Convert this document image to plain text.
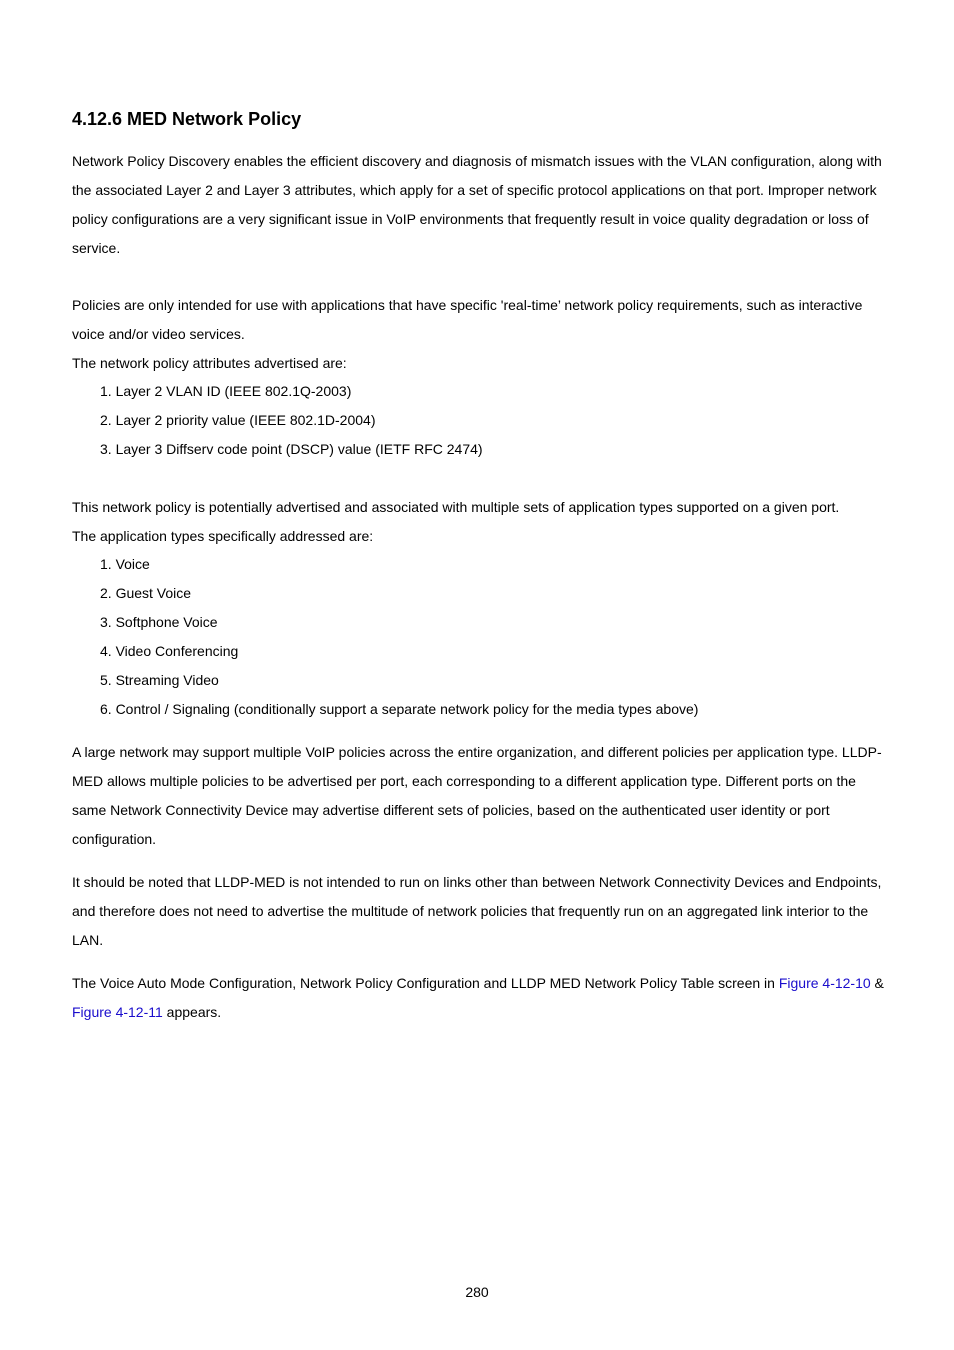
4.12.6 MED Network Policy

Network Policy Discovery enables the efficient discovery and diagnosis of mismatch issues with the VLAN configuration, along with the associated Layer 2 and Layer 3 attributes, which apply for a set of specific protocol applications on that port. Improper network policy configurations are a very significant issue in VoIP environments that frequently result in voice quality degradation or loss of service.

Policies are only intended for use with applications that have specific 'real-time’ network policy requirements, such as interactive voice and/or video services.
The network policy attributes advertised are:

1. Layer 2 VLAN ID (IEEE 802.1Q-2003)
2. Layer 2 priority value (IEEE 802.1D-2004)
3. Layer 3 Diffserv code point (DSCP) value (IETF RFC 2474)

This network policy is potentially advertised and associated with multiple sets of application types supported on a given port.
The application types specifically addressed are:

1. Voice
2. Guest Voice
3. Softphone Voice
4. Video Conferencing
5. Streaming Video
6. Control / Signaling (conditionally support a separate network policy for the media types above)

A large network may support multiple VoIP policies across the entire organization, and different policies per application type. LLDP-MED allows multiple policies to be advertised per port, each corresponding to a different application type. Different ports on the same Network Connectivity Device may advertise different sets of policies, based on the authenticated user identity or port configuration.

It should be noted that LLDP-MED is not intended to run on links other than between Network Connectivity Devices and Endpoints, and therefore does not need to advertise the multitude of network policies that frequently run on an aggregated link interior to the LAN.

The Voice Auto Mode Configuration, Network Policy Configuration and LLDP MED Network Policy Table screen in Figure 4-12-10 & Figure 4-12-11 appears.

280
